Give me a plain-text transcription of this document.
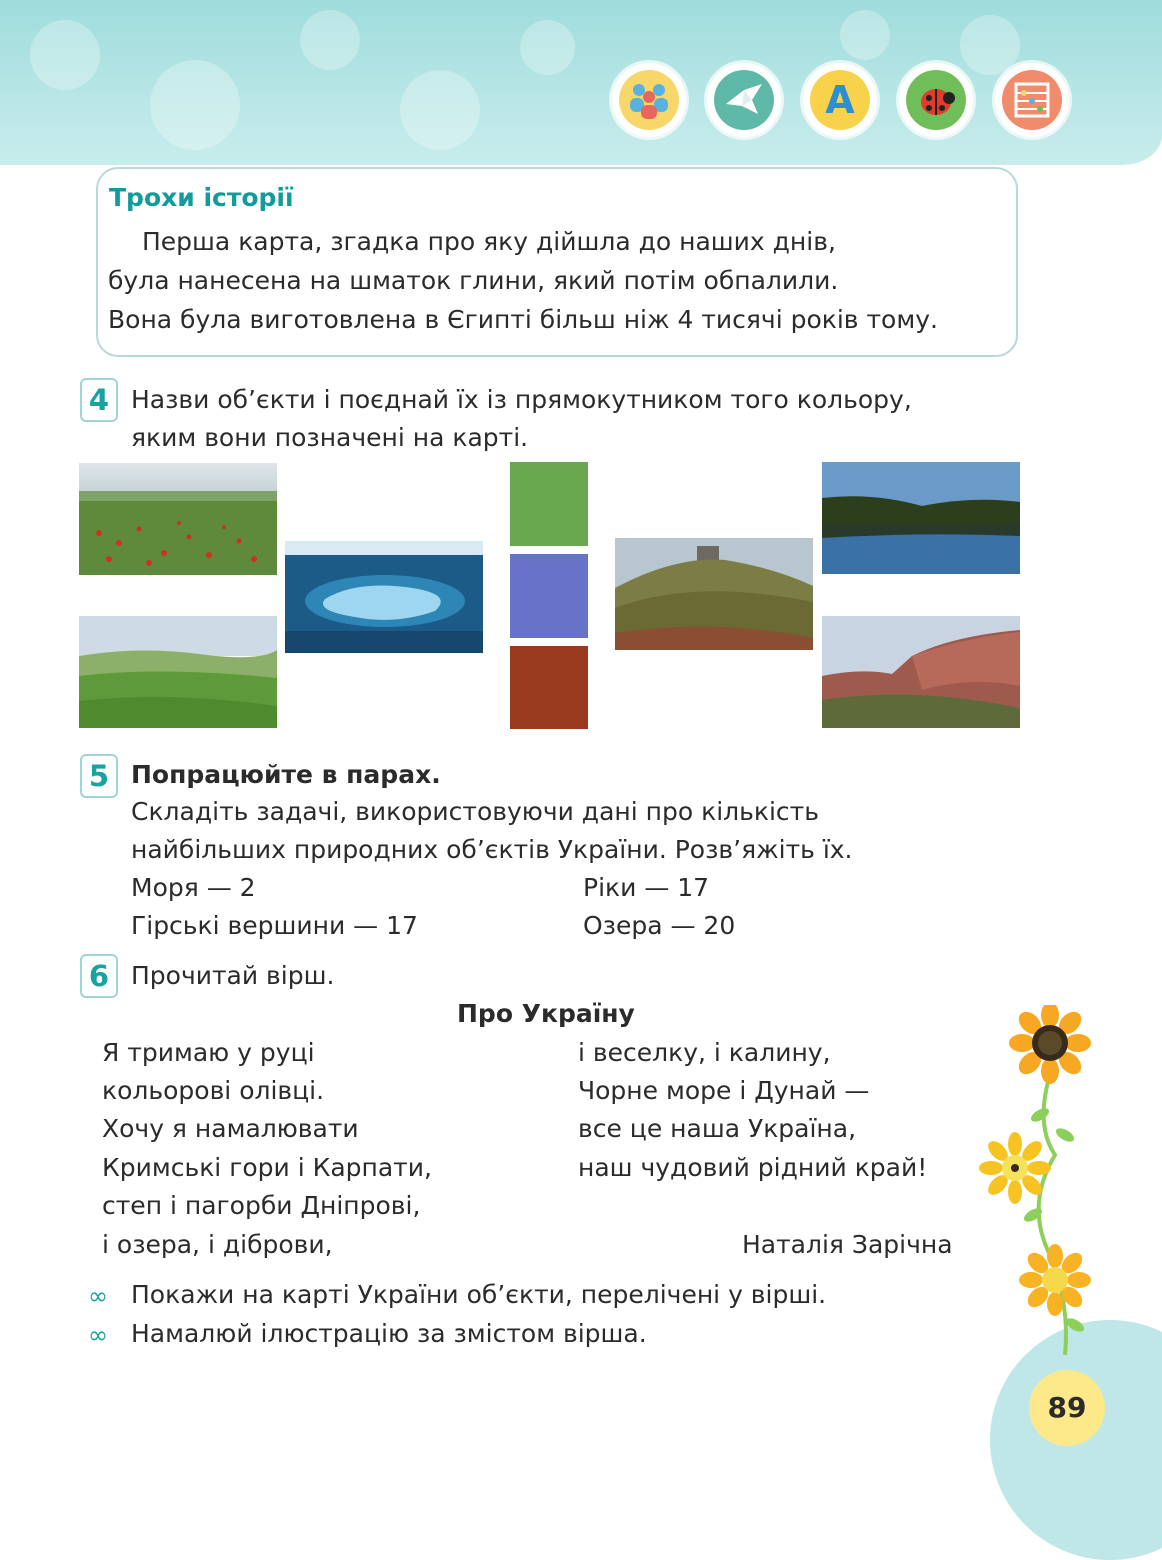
A
Трохи історії
Перша карта, згадка про яку дійшла до наших днів,
була нанесена на шматок глини, який потім обпалили.
Вона була виготовлена в Єгипті більш ніж 4 тисячі років тому.
4 Назви об’єкти і поєднай їх із прямокутником того кольору,
яким вони позначені на карті.
5 Попрацюйте в парах.
Складіть задачі, використовуючи дані про кількість
найбільших природних об’єктів України. Розв’яжіть їх.
Моря — 2	Ріки — 17
Гірські вершини — 17	Озера — 20
6 Прочитай вірш.
Про Україну
Я тримаю у руці
кольорові олівці.
Хочу я намалювати
Кримські гори і Карпати,
степ і пагорби Дніпрові,
і озера, і діброви,
і веселку, і калину,
Чорне море і Дунай —
все це наша Україна,
наш чудовий рідний край!
Наталія Зарічна
∞ Покажи на карті України об’єкти, перелічені у вірші.
∞ Намалюй ілюстрацію за змістом вірша.
89
